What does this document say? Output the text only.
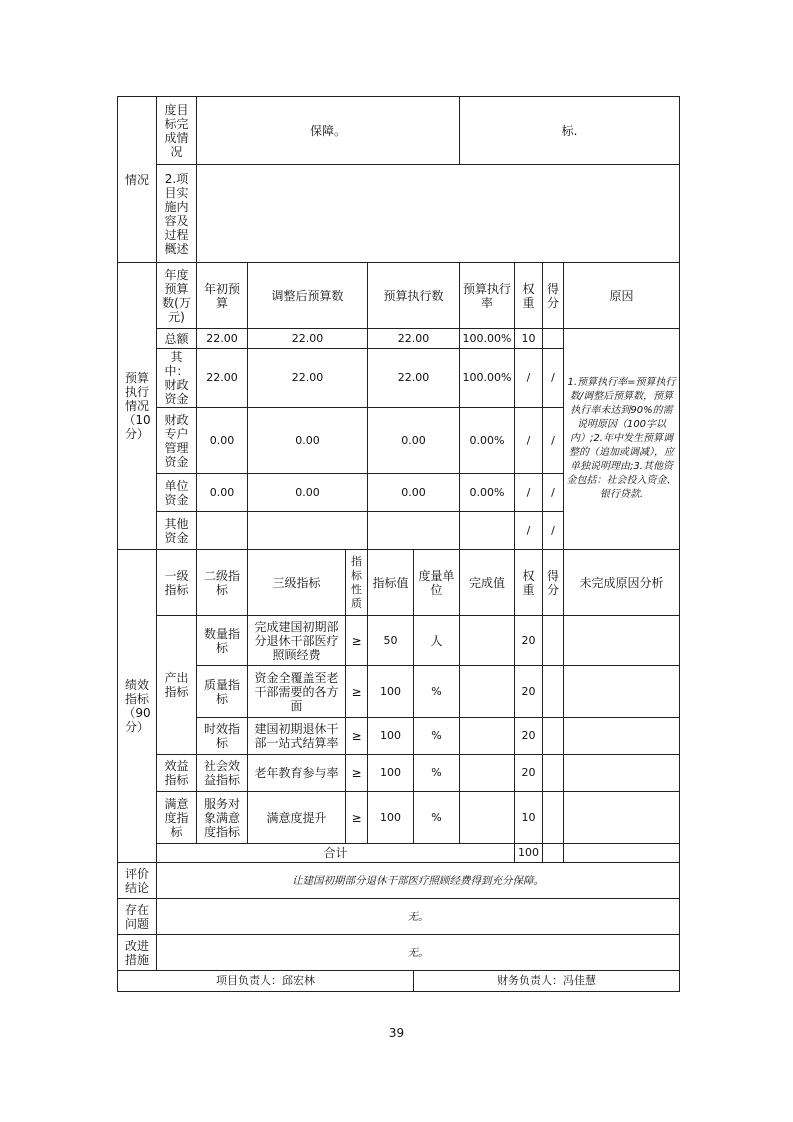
情况	度目标完成情况	保障。					标.			
	2.项目实施内容及过程概述									
预算执行情况（10分）	年度预算数(万元)	年初预算	调整后预算数		预算执行数		预算执行率	权重	得分	原因
	总额	22.00	22.00		22.00		100.00%	10		1.预算执行率=预算执行数/调整后预算数，预算执行率未达到90%的需说明原因（100字以内）;2.年中发生预算调整的（追加或调减），应单独说明理由;3.其他资金包括：社会投入资金、银行贷款.
	其中：财政资金	22.00	22.00		22.00		100.00%	/	/	
	财政专户管理资金	0.00	0.00		0.00		0.00%	/	/	
	单位资金	0.00	0.00		0.00		0.00%	/	/	
	其他资金							/	/	
绩效指标（90分）	一级指标	二级指标	三级指标	指标性质	指标值	度量单位	完成值	权重	得分	未完成原因分析
	产出指标	数量指标	完成建国初期部分退休干部医疗照顾经费	≥	50	人		20		
		质量指标	资金全覆盖至老干部需要的各方面	≥	100	%		20		
		时效指标	建国初期退休干部一站式结算率	≥	100	%		20		
	效益指标	社会效益指标	老年教育参与率	≥	100	%		20		
	满意度指标	服务对象满意度指标	满意度提升	≥	100	%		10		
	合计							100		
评价结论	让建国初期部分退休干部医疗照顾经费得到充分保障。									
存在问题	无。									
改进措施	无。									
项目负责人：邱宏林						财务负责人：冯佳慧				
39
